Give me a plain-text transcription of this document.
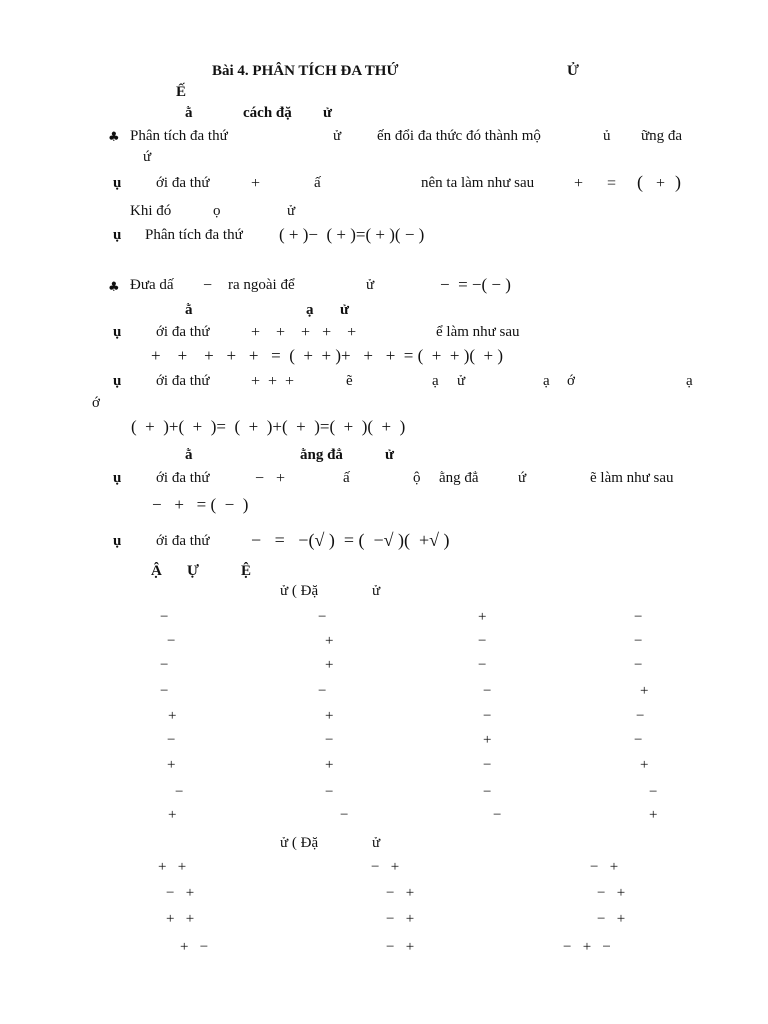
Bài 4. PHÂN TÍCH ĐA THỨ	Ử
Ế
ằ	cách đặ ử
♣ Phân tích đa thứ	ử ến đổi đa thức đó thành mộ	ủ ững đa
ứ
ụ ới đa thứ	+	ấ	nên ta làm như sau + = ( + )
Khi đó	ọ	ử
ụ Phân tích đa thứ ( + )−  ( + )=( + )( − )
♣ Đưa dấ − ra ngoài để	ử	−  = −( − )
ằ	ạ ử
ụ ới đa thứ	+    +    +   +    +	ể làm như sau
+    +    +   +   +   =  (  +  + )+   +   +  = (  +  + )(  + )
ụ ới đa thứ	+  +  +	ẽ	ạ ử	ạ ớ	ạ
ớ
(  +  )+(  +  )=  (  +  )+(  +  )=(  +  )(  +  )
ằ	ằng đẳ	ử
ụ ới đa thứ	−   +	ấ	ộ ằng đẳ	ứ	ẽ làm như sau
−   +   = (  −  )
ụ ới đa thứ −   =   −(√ )  = (  −√ )(  +√ )
Ậ Ự	Ệ
ử ( Đặ	ử
−	−	+	−
−	+	−	−
−	+	−	−
−	−	−	+
+	+	−	−
−	−	+	−
+	+	−	+
−	−	−	−
+	−	−	+
ử ( Đặ	ử
+   +	−   +	−   +
−   +	−   +	−   +
+   +	−   +	−   +
+   −	−   +	−   +   −
